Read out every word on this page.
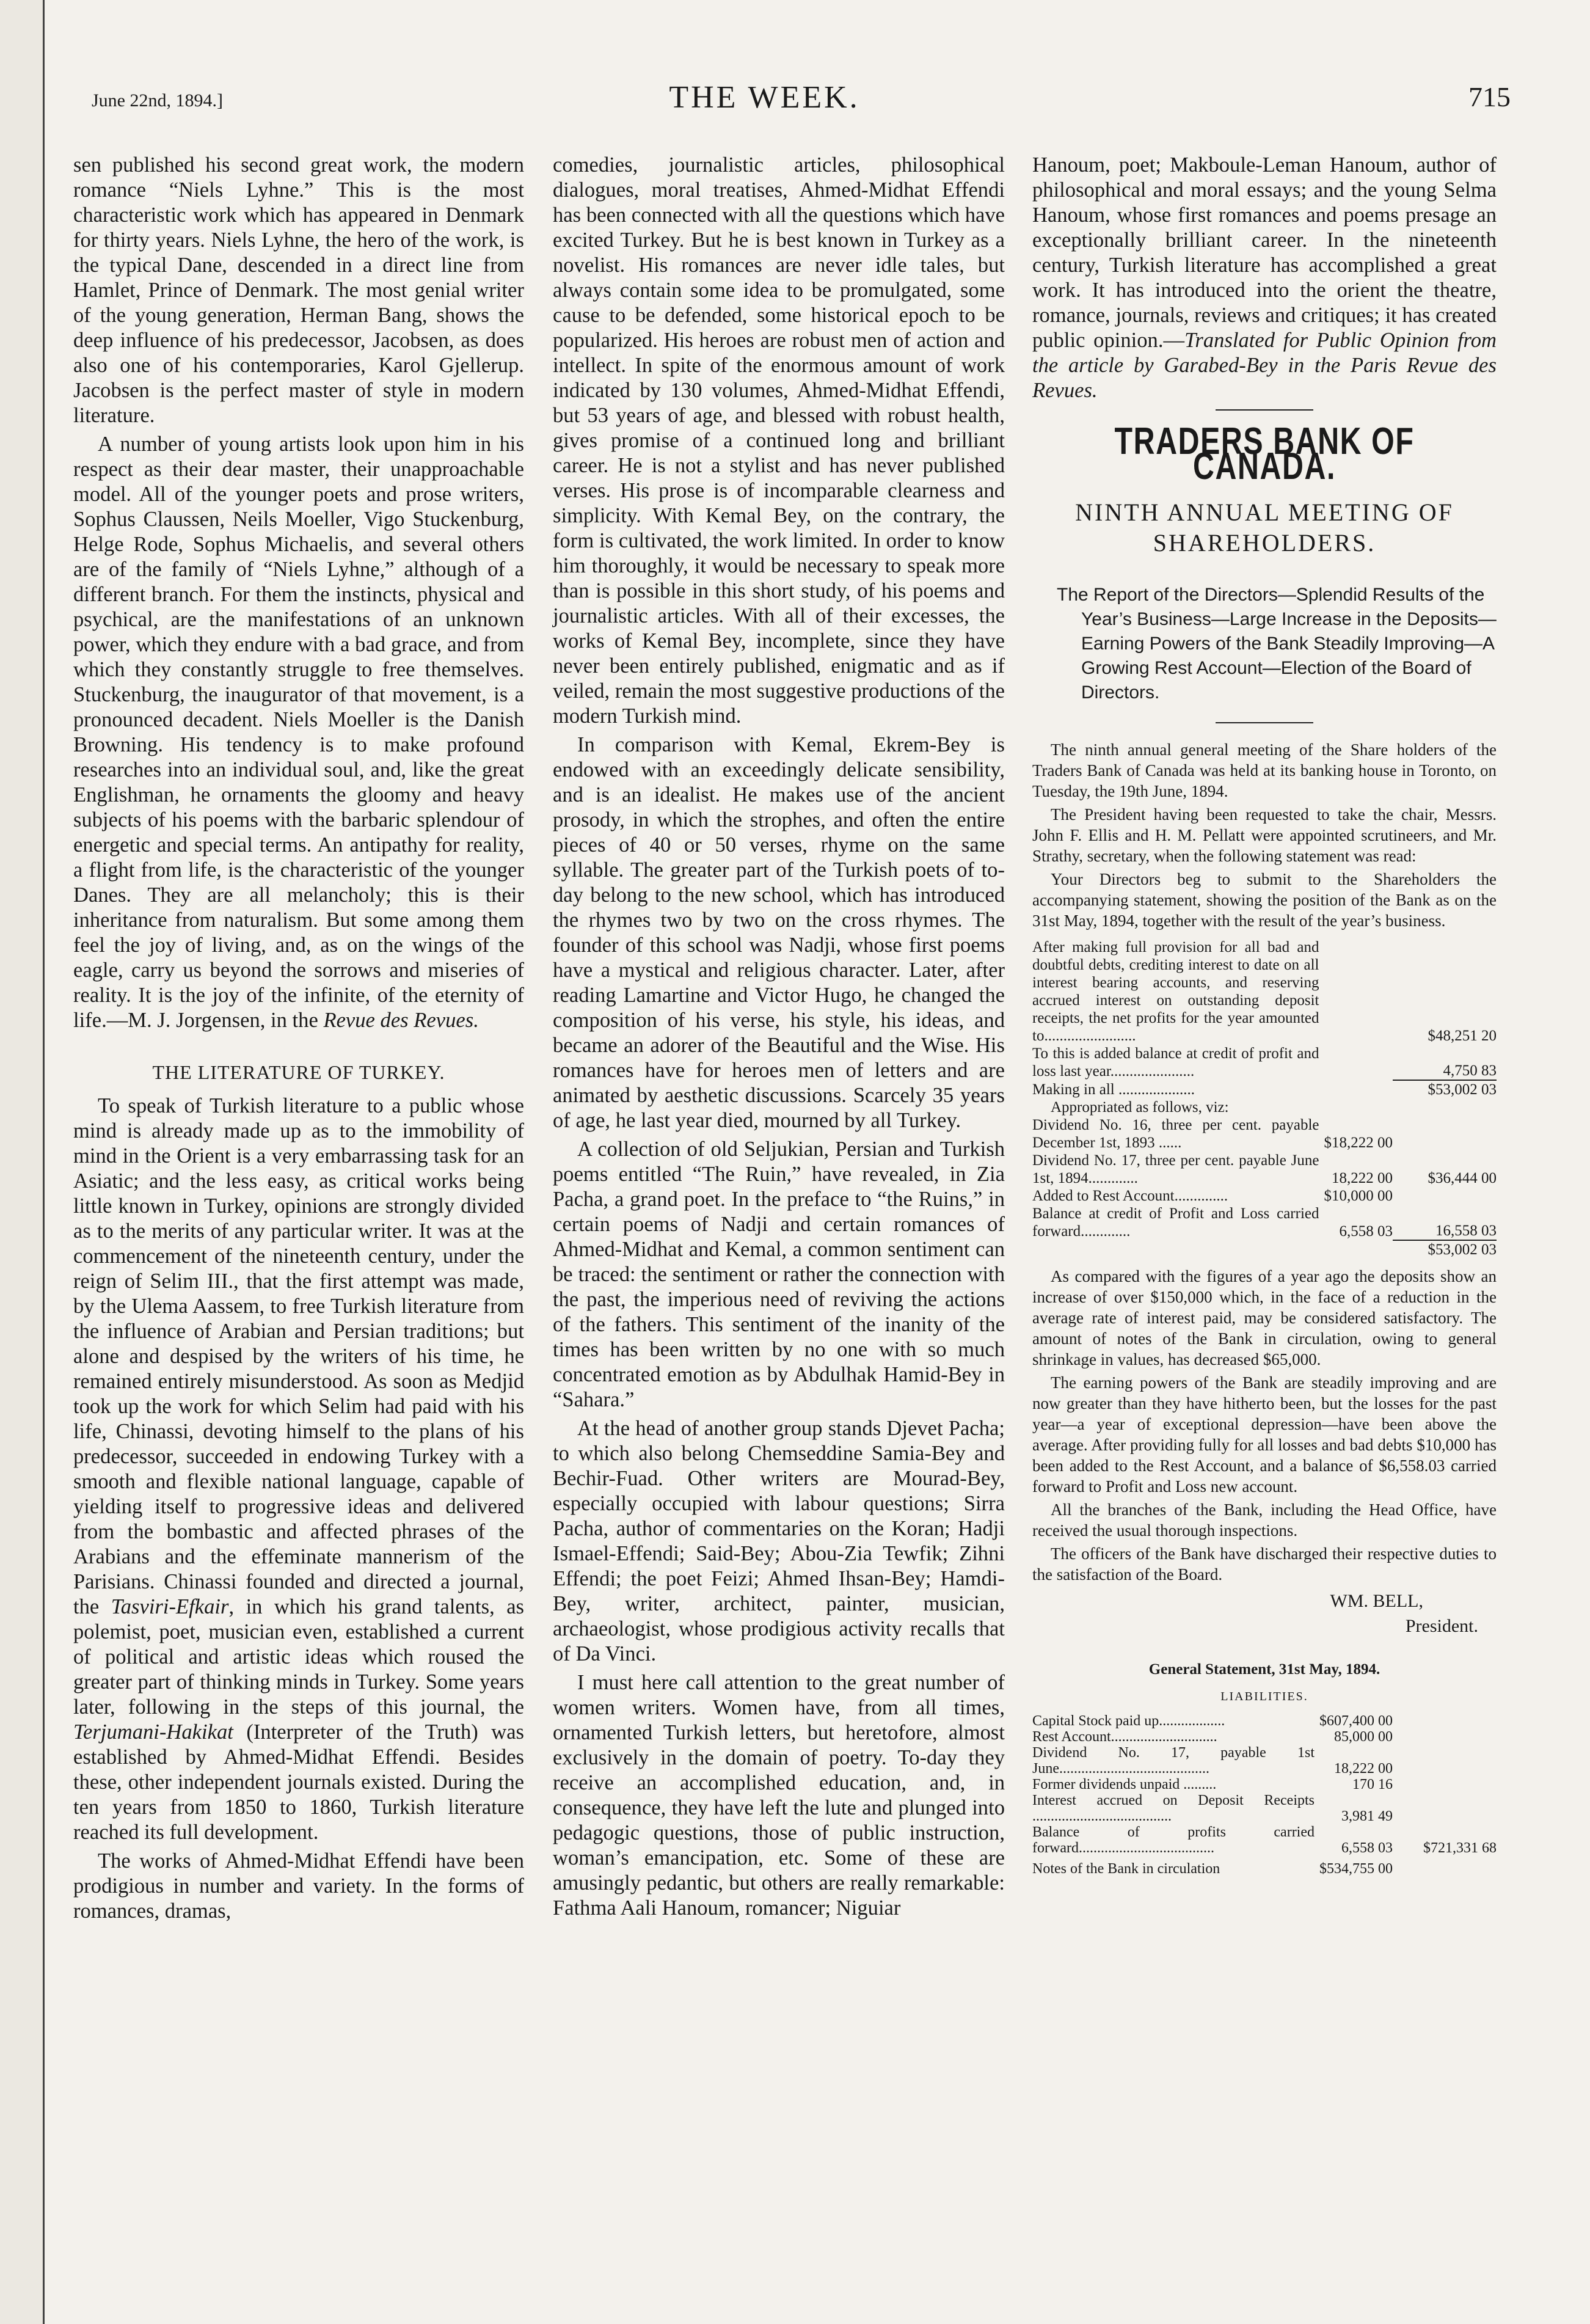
June 22nd, 1894.]	THE WEEK.	715

sen published his second great work, the modern romance “Niels Lyhne.” This is the most characteristic work which has appeared in Denmark for thirty years. Niels Lyhne, the hero of the work, is the typical Dane, descended in a direct line from Hamlet, Prince of Denmark. The most genial writer of the young generation, Herman Bang, shows the deep influence of his predecessor, Jacobsen, as does also one of his contemporaries, Karol Gjellerup. Jacobsen is the perfect master of style in modern literature.

A number of young artists look upon him in his respect as their dear master, their unapproachable model. All of the younger poets and prose writers, Sophus Claussen, Neils Moeller, Vigo Stuckenburg, Helge Rode, Sophus Michaelis, and several others are of the family of “Niels Lyhne,” although of a different branch. For them the instincts, physical and psychical, are the manifestations of an unknown power, which they endure with a bad grace, and from which they constantly struggle to free themselves. Stuckenburg, the inaugurator of that movement, is a pronounced decadent. Niels Moeller is the Danish Browning. His tendency is to make profound researches into an individual soul, and, like the great Englishman, he ornaments the gloomy and heavy subjects of his poems with the barbaric splendour of energetic and special terms. An antipathy for reality, a flight from life, is the characteristic of the younger Danes. They are all melancholy; this is their inheritance from naturalism. But some among them feel the joy of living, and, as on the wings of the eagle, carry us beyond the sorrows and miseries of reality. It is the joy of the infinite, of the eternity of life.—M. J. Jorgensen, in the Revue des Revues.

THE LITERATURE OF TURKEY.

To speak of Turkish literature to a public whose mind is already made up as to the immobility of mind in the Orient is a very embarrassing task for an Asiatic; and the less easy, as critical works being little known in Turkey, opinions are strongly divided as to the merits of any particular writer. It was at the commencement of the nineteenth century, under the reign of Selim III., that the first attempt was made, by the Ulema Aassem, to free Turkish literature from the influence of Arabian and Persian traditions; but alone and despised by the writers of his time, he remained entirely misunderstood. As soon as Medjid took up the work for which Selim had paid with his life, Chinassi, devoting himself to the plans of his predecessor, succeeded in endowing Turkey with a smooth and flexible national language, capable of yielding itself to progressive ideas and delivered from the bombastic and affected phrases of the Arabians and the effeminate mannerism of the Parisians. Chinassi founded and directed a journal, the Tasviri-Efkair, in which his grand talents, as polemist, poet, musician even, established a current of political and artistic ideas which roused the greater part of thinking minds in Turkey. Some years later, following in the steps of this journal, the Terjumani-Hakikat (Interpreter of the Truth) was established by Ahmed-Midhat Effendi. Besides these, other independent journals existed. During the ten years from 1850 to 1860, Turkish literature reached its full development.

The works of Ahmed-Midhat Effendi have been prodigious in number and variety. In the forms of romances, dramas,

comedies, journalistic articles, philosophical dialogues, moral treatises, Ahmed-Midhat Effendi has been connected with all the questions which have excited Turkey. But he is best known in Turkey as a novelist. His romances are never idle tales, but always contain some idea to be promulgated, some cause to be defended, some historical epoch to be popularized. His heroes are robust men of action and intellect. In spite of the enormous amount of work indicated by 130 volumes, Ahmed-Midhat Effendi, but 53 years of age, and blessed with robust health, gives promise of a continued long and brilliant career. He is not a stylist and has never published verses. His prose is of incomparable clearness and simplicity. With Kemal Bey, on the contrary, the form is cultivated, the work limited. In order to know him thoroughly, it would be necessary to speak more than is possible in this short study, of his poems and journalistic articles. With all of their excesses, the works of Kemal Bey, incomplete, since they have never been entirely published, enigmatic and as if veiled, remain the most suggestive productions of the modern Turkish mind.

In comparison with Kemal, Ekrem-Bey is endowed with an exceedingly delicate sensibility, and is an idealist. He makes use of the ancient prosody, in which the strophes, and often the entire pieces of 40 or 50 verses, rhyme on the same syllable. The greater part of the Turkish poets of to-day belong to the new school, which has introduced the rhymes two by two on the cross rhymes. The founder of this school was Nadji, whose first poems have a mystical and religious character. Later, after reading Lamartine and Victor Hugo, he changed the composition of his verse, his style, his ideas, and became an adorer of the Beautiful and the Wise. His romances have for heroes men of letters and are animated by aesthetic discussions. Scarcely 35 years of age, he last year died, mourned by all Turkey.

A collection of old Seljukian, Persian and Turkish poems entitled “The Ruin,” have revealed, in Zia Pacha, a grand poet. In the preface to “the Ruins,” in certain poems of Nadji and certain romances of Ahmed-Midhat and Kemal, a common sentiment can be traced: the sentiment or rather the connection with the past, the imperious need of reviving the actions of the fathers. This sentiment of the inanity of the times has been written by no one with so much concentrated emotion as by Abdulhak Hamid-Bey in “Sahara.”

At the head of another group stands Djevet Pacha; to which also belong Chemseddine Samia-Bey and Bechir-Fuad. Other writers are Mourad-Bey, especially occupied with labour questions; Sirra Pacha, author of commentaries on the Koran; Hadji Ismael-Effendi; Said-Bey; Abou-Zia Tewfik; Zihni Effendi; the poet Feizi; Ahmed Ihsan-Bey; Hamdi-Bey, writer, architect, painter, musician, archaeologist, whose prodigious activity recalls that of Da Vinci.

I must here call attention to the great number of women writers. Women have, from all times, ornamented Turkish letters, but heretofore, almost exclusively in the domain of poetry. To-day they receive an accomplished education, and, in consequence, they have left the lute and plunged into pedagogic questions, those of public instruction, woman’s emancipation, etc. Some of these are amusingly pedantic, but others are really remarkable: Fathma Aali Hanoum, romancer; Niguiar

Hanoum, poet; Makboule-Leman Hanoum, author of philosophical and moral essays; and the young Selma Hanoum, whose first romances and poems presage an exceptionally brilliant career. In the nineteenth century, Turkish literature has accomplished a great work. It has introduced into the orient the theatre, romance, journals, reviews and critiques; it has created public opinion.—Translated for Public Opinion from the article by Garabed-Bey in the Paris Revue des Revues.

TRADERS BANK OF CANADA.
NINTH ANNUAL MEETING OF
SHAREHOLDERS.
The Report of the Directors—Splendid Results of the Year’s Business—Large Increase in the Deposits—Earning Powers of the Bank Steadily Improving—A Growing Rest Account—Election of the Board of Directors.

The ninth annual general meeting of the Share holders of the Traders Bank of Canada was held at its banking house in Toronto, on Tuesday, the 19th June, 1894.

The President having been requested to take the chair, Messrs. John F. Ellis and H. M. Pellatt were appointed scrutineers, and Mr. Strathy, secretary, when the following statement was read:

Your Directors beg to submit to the Shareholders the accompanying statement, showing the position of the Bank as on the 31st May, 1894, together with the result of the year’s business.

After making full provision for all bad and doubtful debts, crediting interest to date on all interest bearing accounts, and reserving accrued interest on outstanding deposit receipts, the net profits for the year amounted to........................		$48,251 20
To this is added balance at credit of profit and loss last year......................		4,750 83
Making in all ....................		$53,002 03
Appropriated as follows, viz:		
Dividend No. 16, three per cent. payable December 1st, 1893 ......	$18,222 00	
Dividend No. 17, three per cent. payable June 1st, 1894.............	18,222 00	$36,444 00
Added to Rest Account..............	$10,000 00	
Balance at credit of Profit and Loss carried forward.............	6,558 03	16,558 03
		$53,002 03

As compared with the figures of a year ago the deposits show an increase of over $150,000 which, in the face of a reduction in the average rate of interest paid, may be considered satisfactory. The amount of notes of the Bank in circulation, owing to general shrinkage in values, has decreased $65,000.

The earning powers of the Bank are steadily improving and are now greater than they have hitherto been, but the losses for the past year—a year of exceptional depression—have been above the average. After providing fully for all losses and bad debts $10,000 has been added to the Rest Account, and a balance of $6,558.03 carried forward to Profit and Loss new account.

All the branches of the Bank, including the Head Office, have received the usual thorough inspections.

The officers of the Bank have discharged their respective duties to the satisfaction of the Board.

WM. BELL,
President.
General Statement, 31st May, 1894.
LIABILITIES.
Capital Stock paid up..................	$607,400 00	
Rest Account.............................	85,000 00	
Dividend No. 17, payable 1st June.........................................	18,222 00	
Former dividends unpaid .........	170 16	
Interest accrued on Deposit Receipts ......................................	3,981 49	
Balance of profits carried forward.....................................	6,558 03	$721,331 68
Notes of the Bank in circulation	$534,755 00	
